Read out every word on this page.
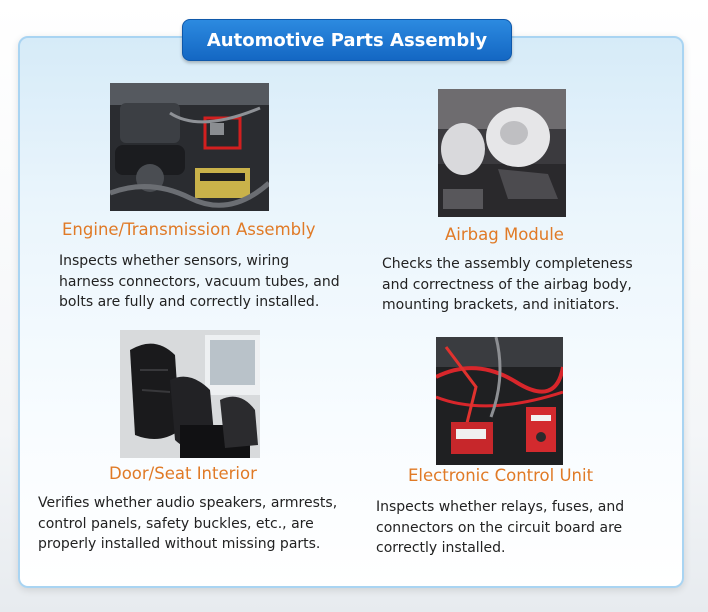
Automotive Parts Assembly
Engine/Transmission Assembly

Inspects whether sensors, wiring
harness connectors, vacuum tubes, and
bolts are fully and correctly installed.

Airbag Module

Checks the assembly completeness
and correctness of the airbag body,
mounting brackets, and initiators.

Door/Seat Interior

Verifies whether audio speakers, armrests,
control panels, safety buckles, etc., are
properly installed without missing parts.

Electronic Control Unit

Inspects whether relays, fuses, and
connectors on the circuit board are
correctly installed.
